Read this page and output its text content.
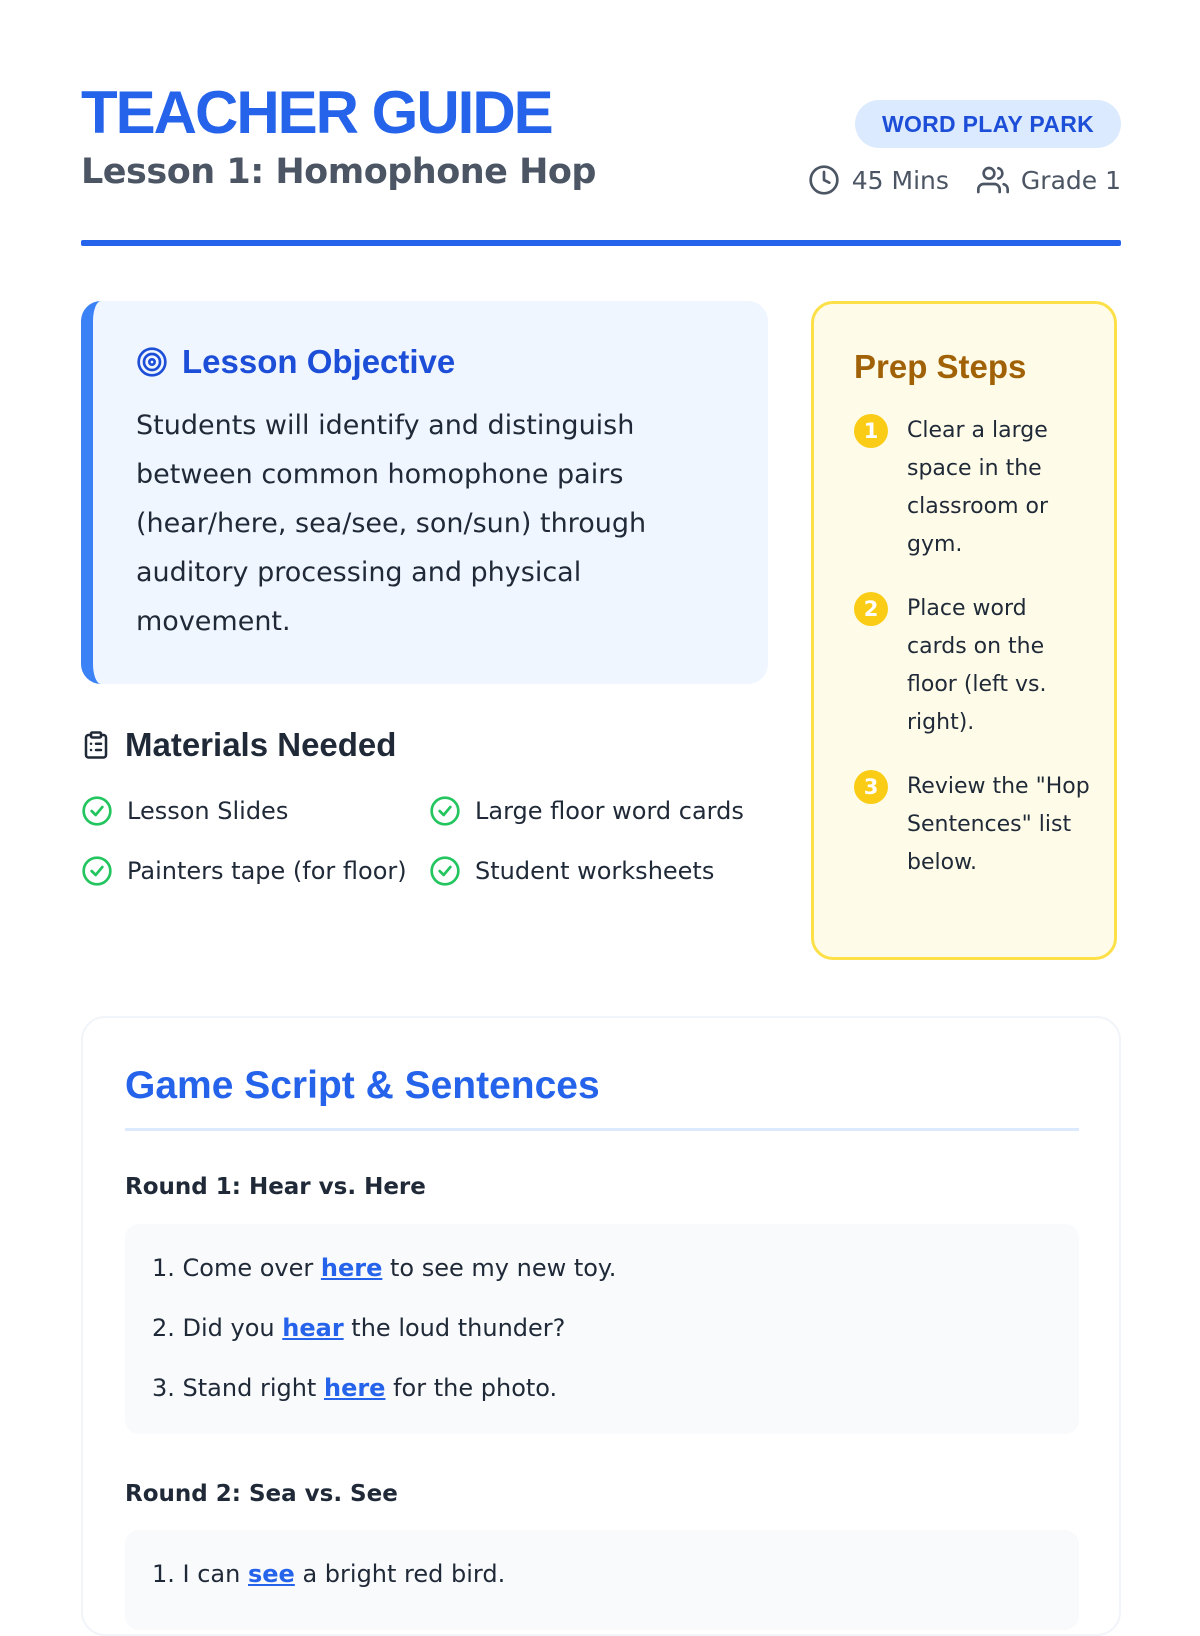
TEACHER GUIDE
Lesson 1: Homophone Hop
WORD PLAY PARK
45 Mins	Grade 1
Lesson Objective

Students will identify and distinguish between common homophone pairs (hear/here, sea/see, son/sun) through auditory processing and physical movement.

Materials Needed
Lesson Slides	Large floor word cards
Painters tape (for floor)	Student worksheets
Prep Steps
1	Clear a large space in the classroom or gym.
2	Place word cards on the floor (left vs. right).
3	Review the "Hop Sentences" list below.
Game Script & Sentences
Round 1: Hear vs. Here
1. Come over here to see my new toy.
2. Did you hear the loud thunder?
3. Stand right here for the photo.
Round 2: Sea vs. See
1. I can see a bright red bird.
